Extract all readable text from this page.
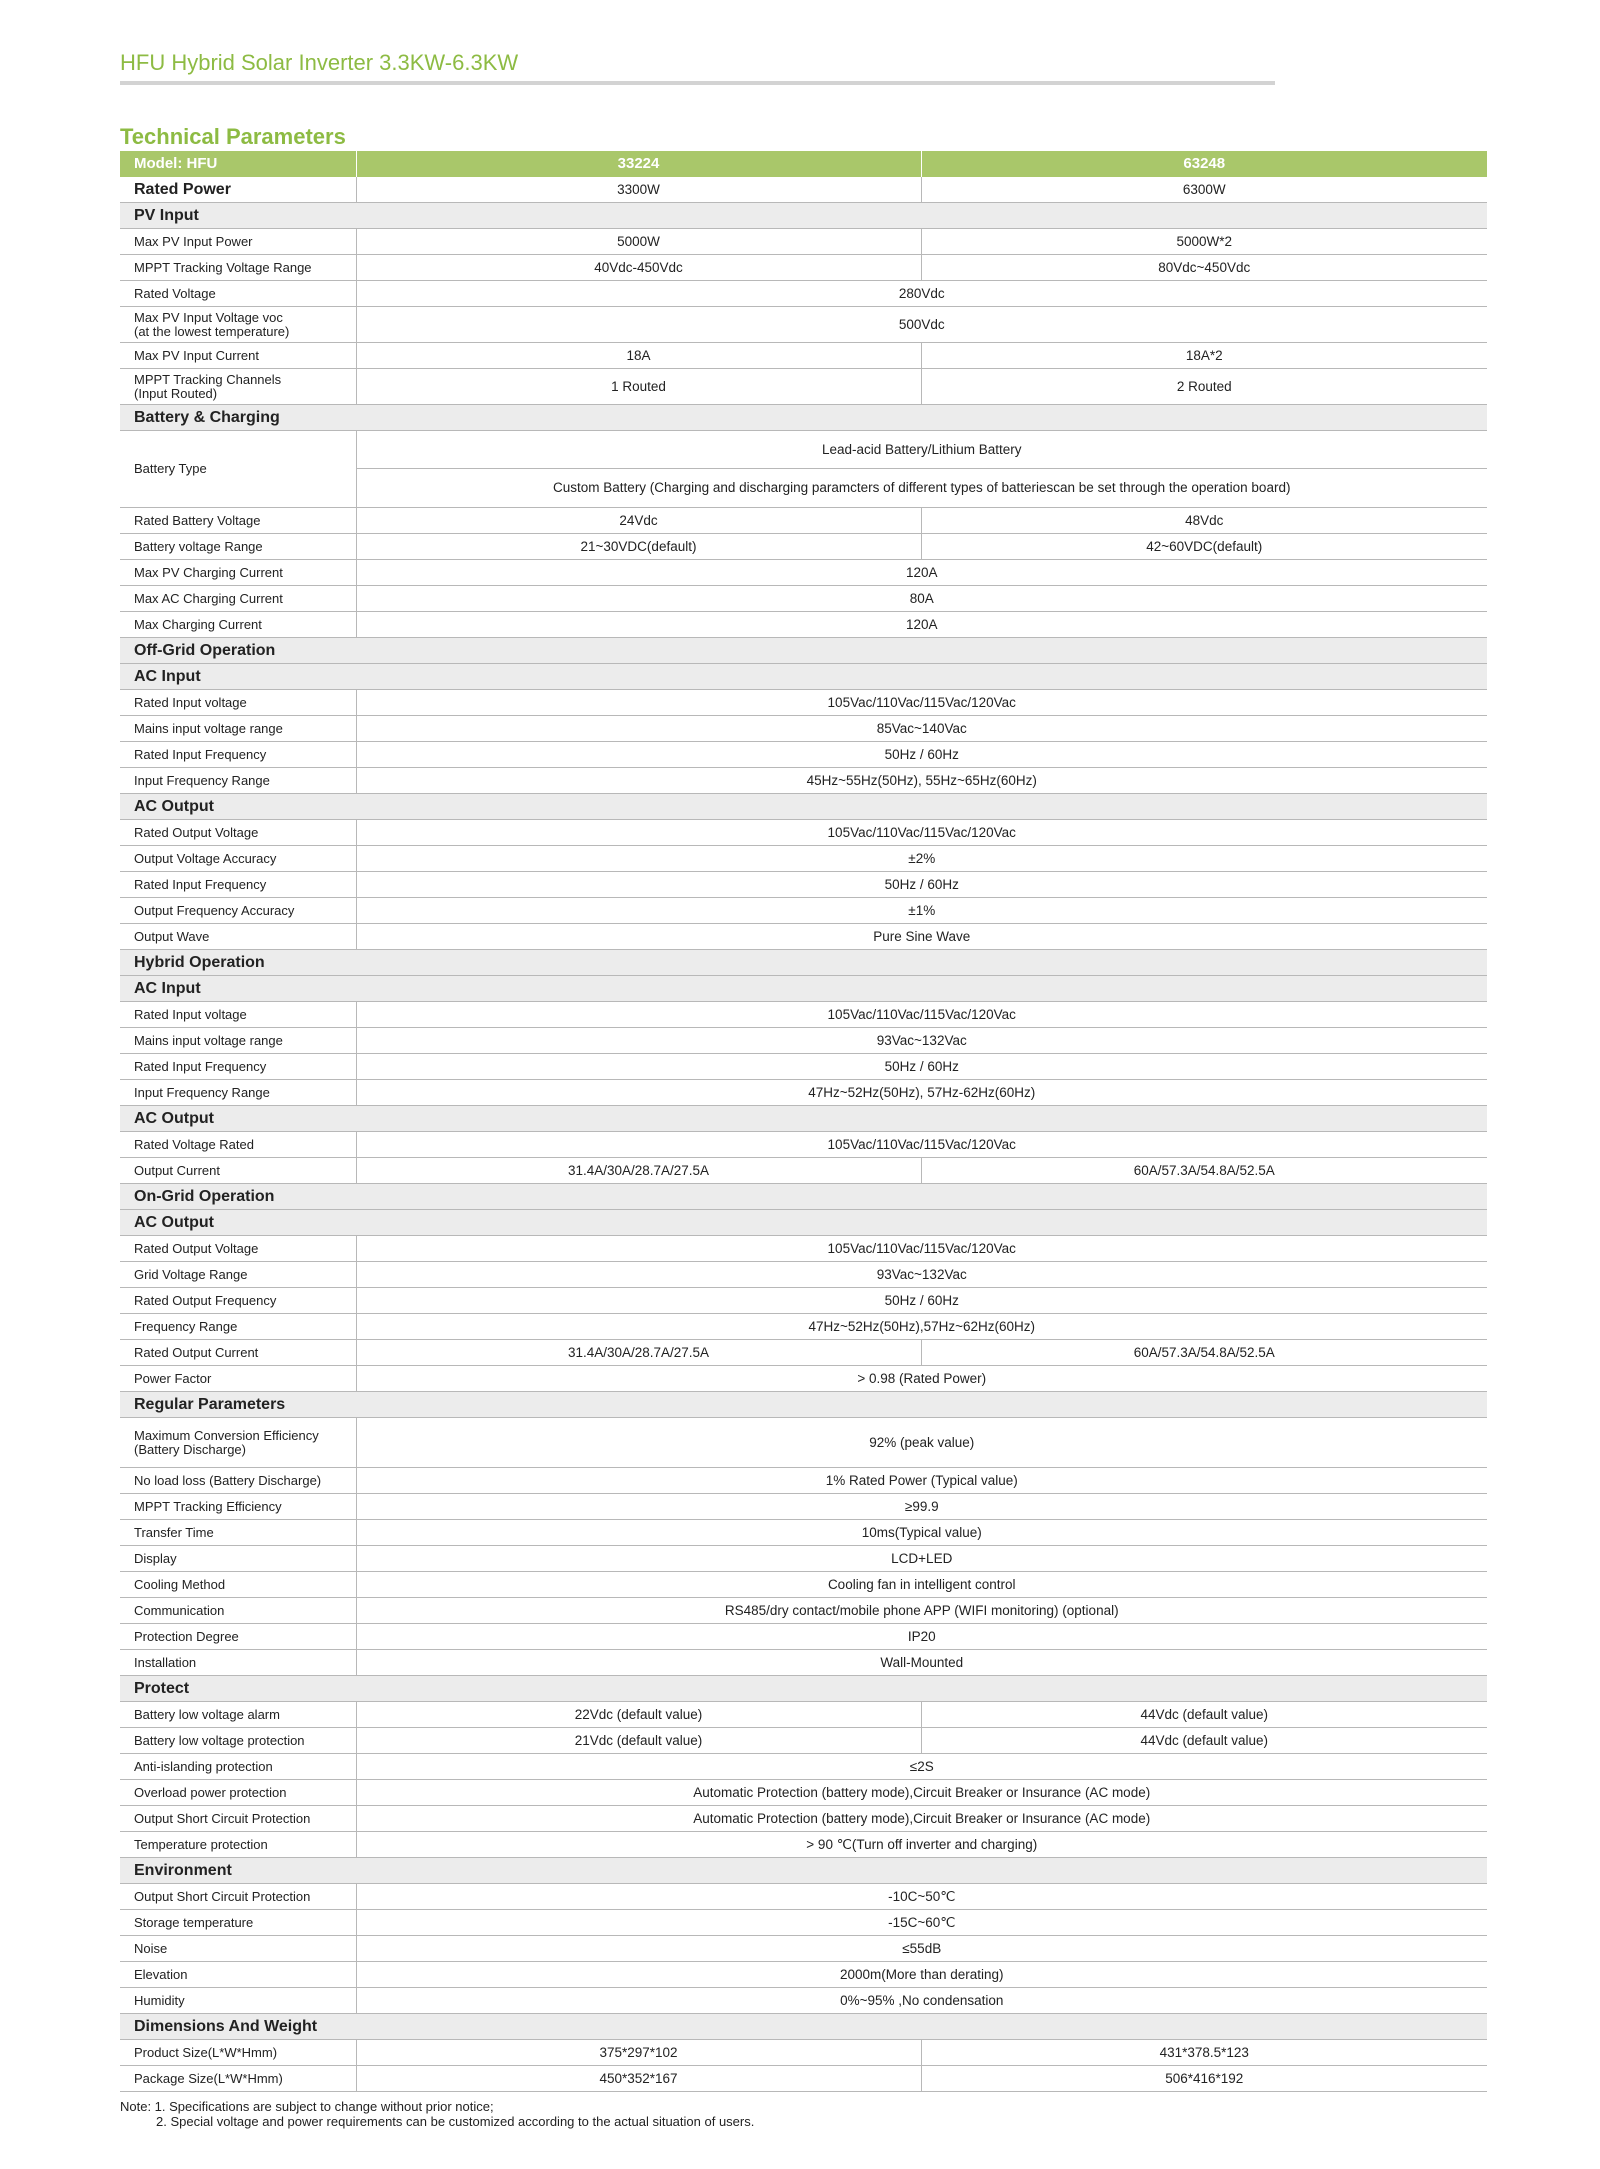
HFU Hybrid Solar Inverter 3.3KW-6.3KW
Technical Parameters
Model: HFU	33224	63248
Rated Power	3300W	6300W
PV Input		
Max PV Input Power	5000W	5000W*2
MPPT Tracking Voltage Range	40Vdc-450Vdc	80Vdc~450Vdc
Rated Voltage	280Vdc	
Max PV Input Voltage voc
(at the lowest temperature)	500Vdc	
Max PV Input Current	18A	18A*2
MPPT Tracking Channels
(Input Routed)	1 Routed	2 Routed
Battery & Charging		
Battery Type	Lead-acid Battery/Lithium Battery	
	Custom Battery (Charging and discharging paramcters of different types of batteriescan be set through the operation board)	
Rated Battery Voltage	24Vdc	48Vdc
Battery voltage Range	21~30VDC(default)	42~60VDC(default)
Max PV Charging Current	120A	
Max AC Charging Current	80A	
Max Charging Current	120A	
Off-Grid Operation		
AC Input		
Rated Input voltage	105Vac/110Vac/115Vac/120Vac	
Mains input voltage range	85Vac~140Vac	
Rated Input Frequency	50Hz / 60Hz	
Input Frequency Range	45Hz~55Hz(50Hz), 55Hz~65Hz(60Hz)	
AC Output		
Rated Output Voltage	105Vac/110Vac/115Vac/120Vac	
Output Voltage Accuracy	±2%	
Rated Input Frequency	50Hz / 60Hz	
Output Frequency Accuracy	±1%	
Output Wave	Pure Sine Wave	
Hybrid Operation		
AC Input		
Rated Input voltage	105Vac/110Vac/115Vac/120Vac	
Mains input voltage range	93Vac~132Vac	
Rated Input Frequency	50Hz / 60Hz	
Input Frequency Range	47Hz~52Hz(50Hz), 57Hz-62Hz(60Hz)	
AC Output		
Rated Voltage Rated	105Vac/110Vac/115Vac/120Vac	
Output Current	31.4A/30A/28.7A/27.5A	60A/57.3A/54.8A/52.5A
On-Grid Operation		
AC Output		
Rated Output Voltage	105Vac/110Vac/115Vac/120Vac	
Grid Voltage Range	93Vac~132Vac	
Rated Output Frequency	50Hz / 60Hz	
Frequency Range	47Hz~52Hz(50Hz),57Hz~62Hz(60Hz)	
Rated Output Current	31.4A/30A/28.7A/27.5A	60A/57.3A/54.8A/52.5A
Power Factor	> 0.98 (Rated Power)	
Regular Parameters		
Maximum Conversion Efficiency
(Battery Discharge)	92% (peak value)	
No load loss (Battery Discharge)	1% Rated Power (Typical value)	
MPPT Tracking Efficiency	≥99.9	
Transfer Time	10ms(Typical value)	
Display	LCD+LED	
Cooling Method	Cooling fan in intelligent control	
Communication	RS485/dry contact/mobile phone APP (WIFI monitoring) (optional)	
Protection Degree	IP20	
Installation	Wall-Mounted	
Protect		
Battery low voltage alarm	22Vdc (default value)	44Vdc (default value)
Battery low voltage protection	21Vdc (default value)	44Vdc (default value)
Anti-islanding protection	≤2S	
Overload power protection	Automatic Protection (battery mode),Circuit Breaker or Insurance (AC mode)	
Output Short Circuit Protection	Automatic Protection (battery mode),Circuit Breaker or Insurance (AC mode)	
Temperature protection	> 90 ℃(Turn off inverter and charging)	
Environment		
Output Short Circuit Protection	-10C~50℃	
Storage temperature	-15C~60℃	
Noise	≤55dB	
Elevation	2000m(More than derating)	
Humidity	0%~95% ,No condensation	
Dimensions And Weight		
Product Size(L*W*Hmm)	375*297*102	431*378.5*123
Package Size(L*W*Hmm)	450*352*167	506*416*192
Note: 1. Specifications are subject to change without prior notice;
2. Special voltage and power requirements can be customized according to the actual situation of users.
